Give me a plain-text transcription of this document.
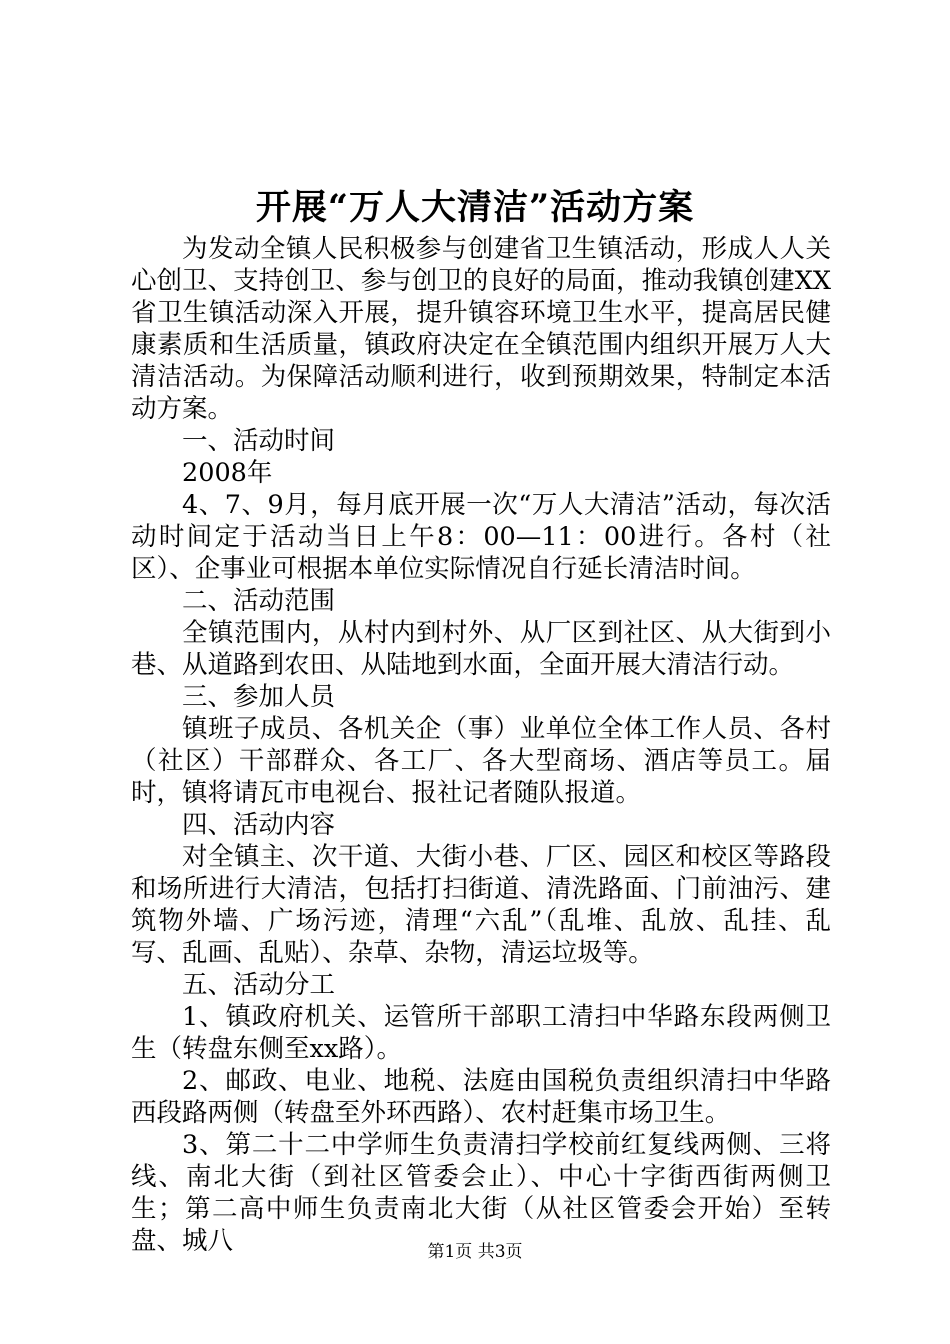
开展“万人大清洁”活动方案

为发动全镇人民积极参与创建省卫生镇活动，形成人人关心创卫、支持创卫、参与创卫的良好的局面，推动我镇创建XX省卫生镇活动深入开展，提升镇容环境卫生水平，提高居民健康素质和生活质量，镇政府决定在全镇范围内组织开展万人大清洁活动。为保障活动顺利进行，收到预期效果，特制定本活动方案。

一、活动时间

2008年

4、7、9月，每月底开展一次“万人大清洁”活动，每次活动时间定于活动当日上午8：00—11：00进行。各村（社区）、企事业可根据本单位实际情况自行延长清洁时间。

二、活动范围

全镇范围内，从村内到村外、从厂区到社区、从大街到小巷、从道路到农田、从陆地到水面，全面开展大清洁行动。

三、参加人员

镇班子成员、各机关企（事）业单位全体工作人员、各村（社区）干部群众、各工厂、各大型商场、酒店等员工。届时，镇将请瓦市电视台、报社记者随队报道。

四、活动内容

对全镇主、次干道、大街小巷、厂区、园区和校区等路段和场所进行大清洁，包括打扫街道、清洗路面、门前油污、建筑物外墙、广场污迹，清理“六乱”（乱堆、乱放、乱挂、乱写、乱画、乱贴）、杂草、杂物，清运垃圾等。

五、活动分工

1、镇政府机关、运管所干部职工清扫中华路东段两侧卫生（转盘东侧至xx路）。

2、邮政、电业、地税、法庭由国税负责组织清扫中华路西段路两侧（转盘至外环西路）、农村赶集市场卫生。

3、第二十二中学师生负责清扫学校前红复线两侧、三将线、南北大街（到社区管委会止）、中心十字街西街两侧卫生；第二高中师生负责南北大街（从社区管委会开始）至转盘、城八	第1页 共3页
